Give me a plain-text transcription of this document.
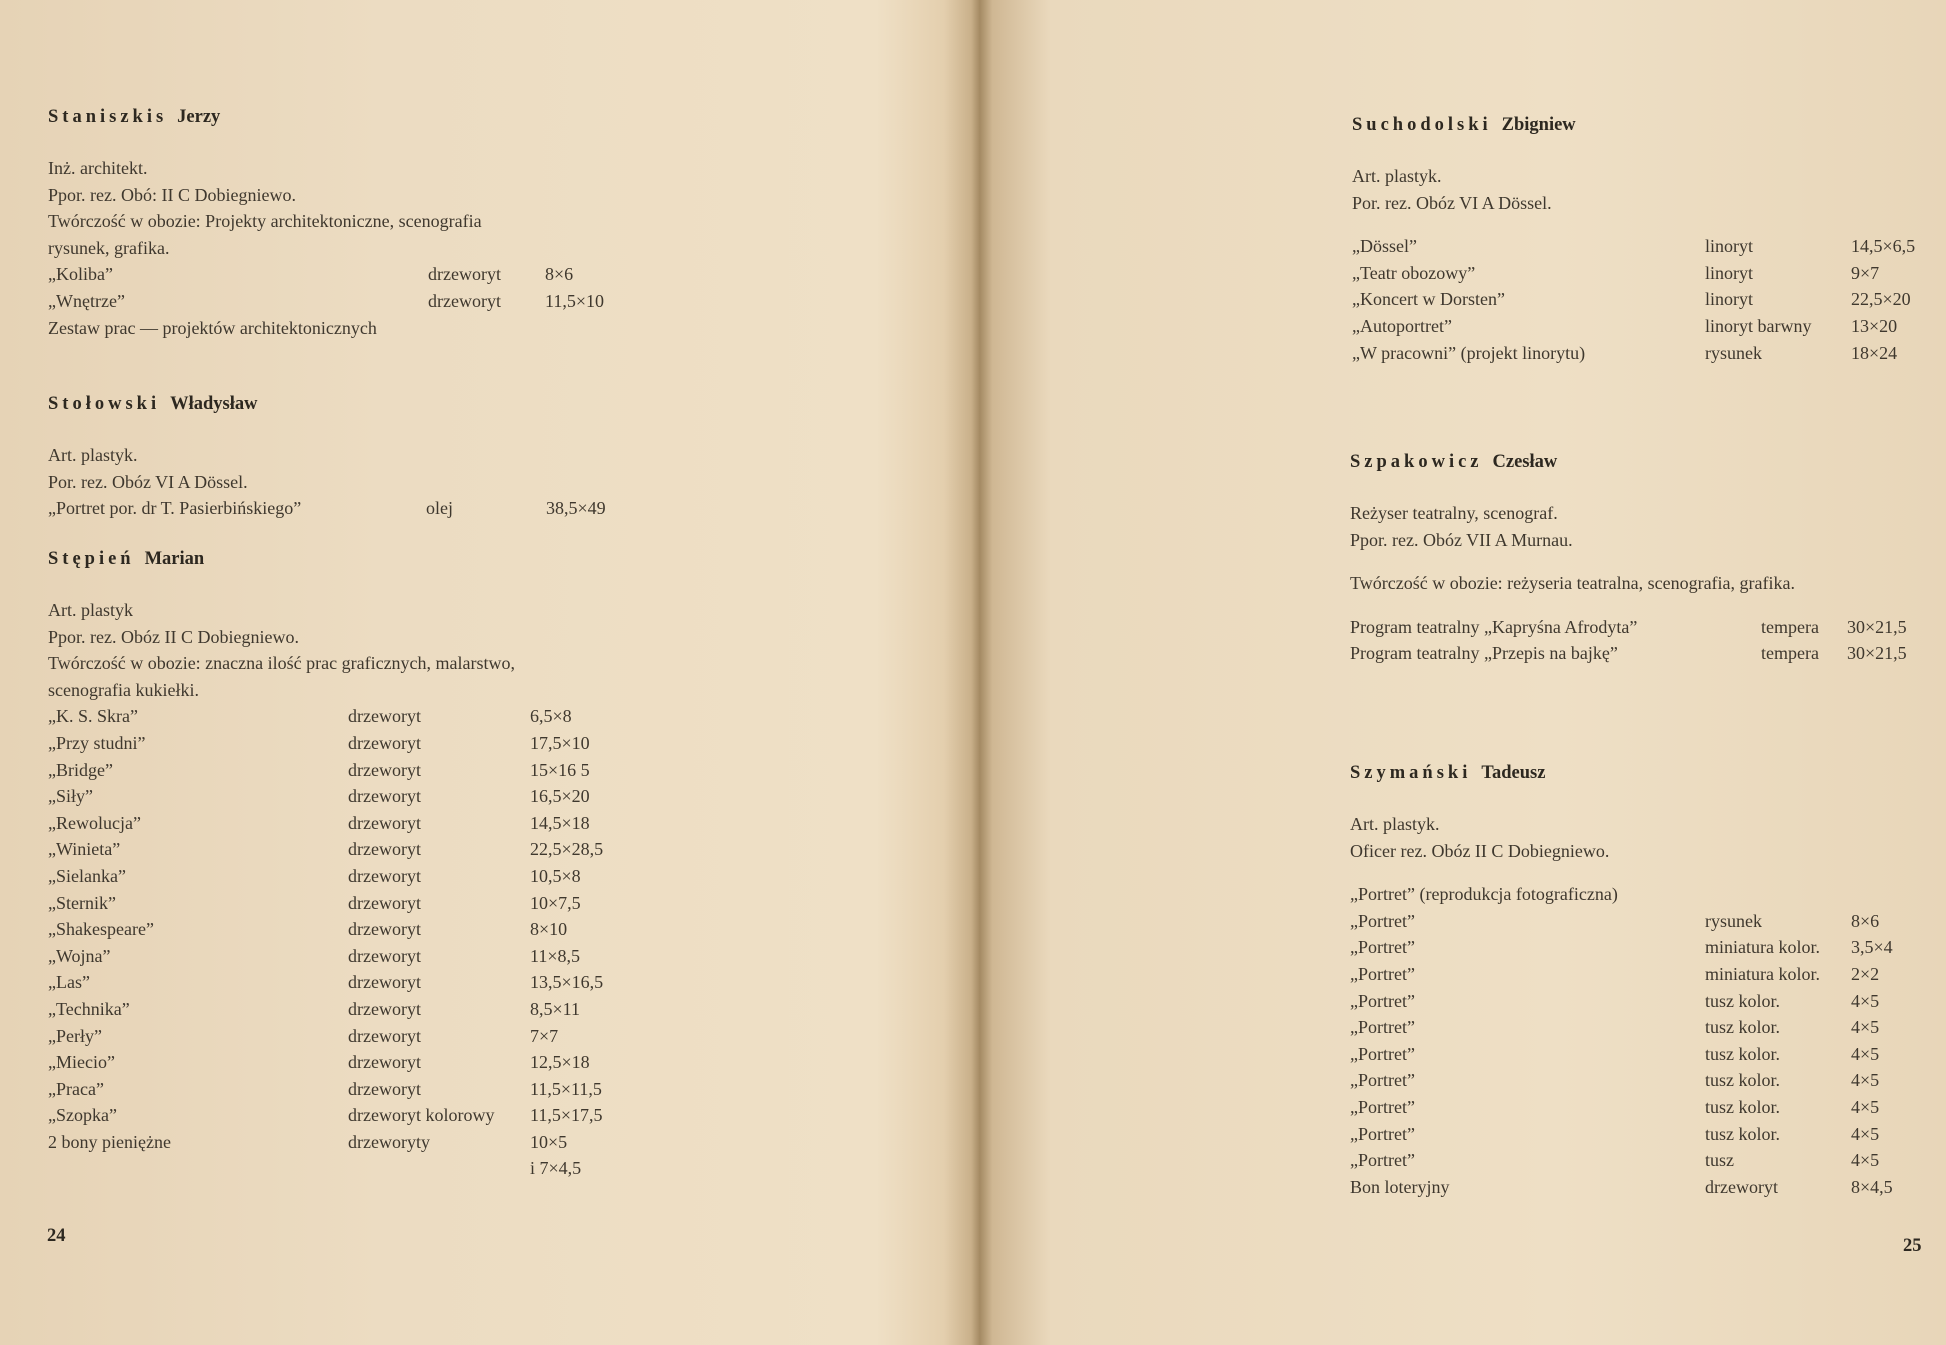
Staniszkis Jerzy
Inż. architekt.
Ppor. rez. Obó: II C Dobiegniewo.
Twórczość w obozie: Projekty architektoniczne, scenografia
rysunek, grafika.
„Koliba”	drzeworyt	8×6
„Wnętrze”	drzeworyt	11,5×10
Zestaw prac — projektów architektonicznych
Stołowski Władysław
Art. plastyk.
Por. rez. Obóz VI A Dössel.
„Portret por. dr T. Pasierbińskiego”	olej	38,5×49
Stępień Marian
Art. plastyk
Ppor. rez. Obóz II C Dobiegniewo.
Twórczość w obozie: znaczna ilość prac graficznych, malarstwo,
scenografia kukiełki.
„K. S. Skra”	drzeworyt	6,5×8
„Przy studni”	drzeworyt	17,5×10
„Bridge”	drzeworyt	15×16 5
„Siły”	drzeworyt	16,5×20
„Rewolucja”	drzeworyt	14,5×18
„Winieta”	drzeworyt	22,5×28,5
„Sielanka”	drzeworyt	10,5×8
„Sternik”	drzeworyt	10×7,5
„Shakespeare”	drzeworyt	8×10
„Wojna”	drzeworyt	11×8,5
„Las”	drzeworyt	13,5×16,5
„Technika”	drzeworyt	8,5×11
„Perły”	drzeworyt	7×7
„Miecio”	drzeworyt	12,5×18
„Praca”	drzeworyt	11,5×11,5
„Szopka”	drzeworyt kolorowy	11,5×17,5
2 bony pieniężne	drzeworyty	10×5
i 7×4,5
24
Suchodolski Zbigniew
Art. plastyk.
Por. rez. Obóz VI A Dössel.
„Dössel”	linoryt	14,5×6,5
„Teatr obozowy”	linoryt	9×7
„Koncert w Dorsten”	linoryt	22,5×20
„Autoportret”	linoryt barwny	13×20
„W pracowni” (projekt linorytu)	rysunek	18×24
Szpakowicz Czesław
Reżyser teatralny, scenograf.
Ppor. rez. Obóz VII A Murnau.
Twórczość w obozie: reżyseria teatralna, scenografia, grafika.
Program teatralny „Kapryśna Afrodyta”	tempera	30×21,5
Program teatralny „Przepis na bajkę”	tempera	30×21,5
Szymański Tadeusz
Art. plastyk.
Oficer rez. Obóz II C Dobiegniewo.
„Portret” (reprodukcja fotograficzna)
„Portret”	rysunek	8×6
„Portret”	miniatura kolor.	3,5×4
„Portret”	miniatura kolor.	2×2
„Portret”	tusz kolor.	4×5
„Portret”	tusz kolor.	4×5
„Portret”	tusz kolor.	4×5
„Portret”	tusz kolor.	4×5
„Portret”	tusz kolor.	4×5
„Portret”	tusz kolor.	4×5
„Portret”	tusz	4×5
Bon loteryjny	drzeworyt	8×4,5
25
